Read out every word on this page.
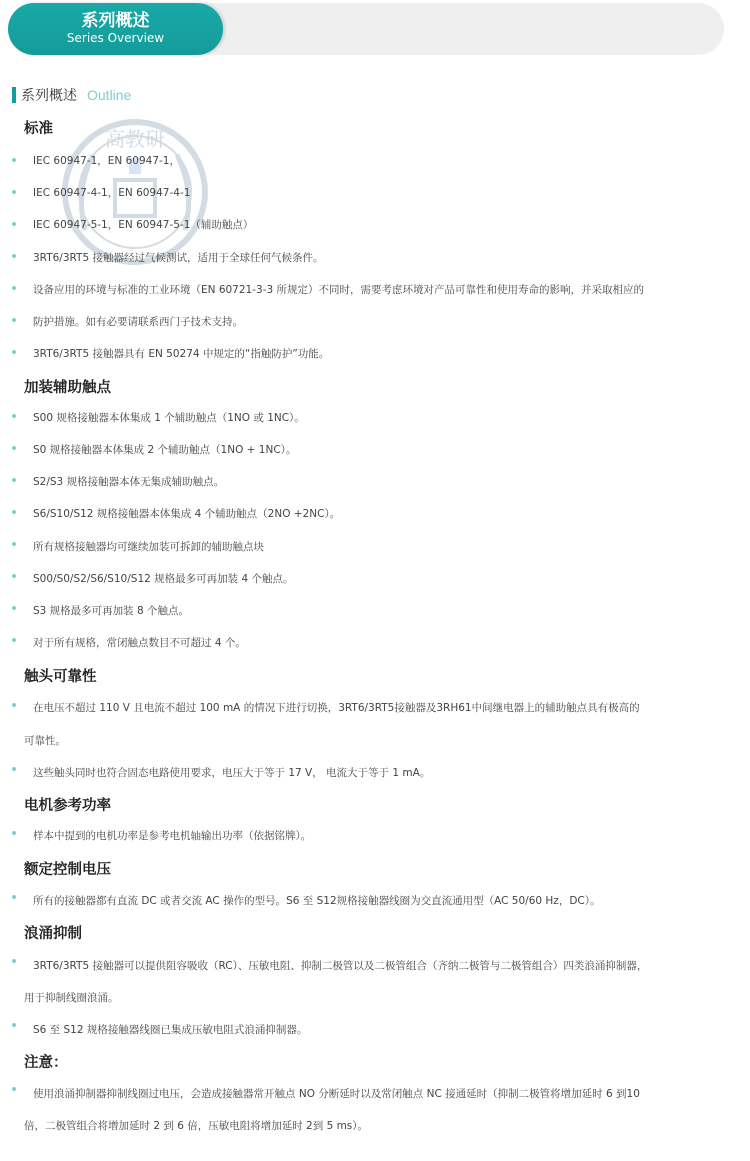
系列概述
Series Overview
系列概述 Outline
高教研
标准
IEC 60947-1，EN 60947-1，
IEC 60947-4-1，EN 60947-4-1
IEC 60947-5-1，EN 60947-5-1（辅助触点）
3RT6/3RT5 接触器经过气候测试，适用于全球任何气候条件。
设备应用的环境与标准的工业环境（EN 60721-3-3 所规定）不同时，需要考虑环境对产品可靠性和使用寿命的影响，并采取相应的
防护措施。如有必要请联系西门子技术支持。
3RT6/3RT5 接触器具有 EN 50274 中规定的“指触防护”功能。
加装辅助触点
S00 规格接触器本体集成 1 个辅助触点（1NO 或 1NC）。
S0 规格接触器本体集成 2 个辅助触点（1NO + 1NC）。
S2/S3 规格接触器本体无集成辅助触点。
S6/S10/S12 规格接触器本体集成 4 个辅助触点（2NO +2NC）。
所有规格接触器均可继续加装可拆卸的辅助触点块
S00/S0/S2/S6/S10/S12 规格最多可再加装 4 个触点。
S3 规格最多可再加装 8 个触点。
对于所有规格，常闭触点数目不可超过 4 个。
触头可靠性
在电压不超过 110 V 且电流不超过 100 mA 的情况下进行切换，3RT6/3RT5接触器及3RH61中间继电器上的辅助触点具有极高的
可靠性。
这些触头同时也符合固态电路使用要求，电压大于等于 17 V， 电流大于等于 1 mA。
电机参考功率
样本中提到的电机功率是参考电机轴输出功率（依据铭牌）。
额定控制电压
所有的接触器都有直流 DC 或者交流 AC 操作的型号。S6 至 S12规格接触器线圈为交直流通用型（AC 50/60 Hz，DC）。
浪涌抑制
3RT6/3RT5 接触器可以提供阻容吸收（RC）、压敏电阻、抑制二极管以及二极管组合（齐纳二极管与二极管组合）四类浪涌抑制器，
用于抑制线圈浪涌。
S6 至 S12 规格接触器线圈已集成压敏电阻式浪涌抑制器。
注意：
使用浪涌抑制器抑制线圈过电压，会造成接触器常开触点 NO 分断延时以及常闭触点 NC 接通延时（抑制二极管将增加延时 6 到10
倍，二极管组合将增加延时 2 到 6 倍，压敏电阻将增加延时 2到 5 ms）。
